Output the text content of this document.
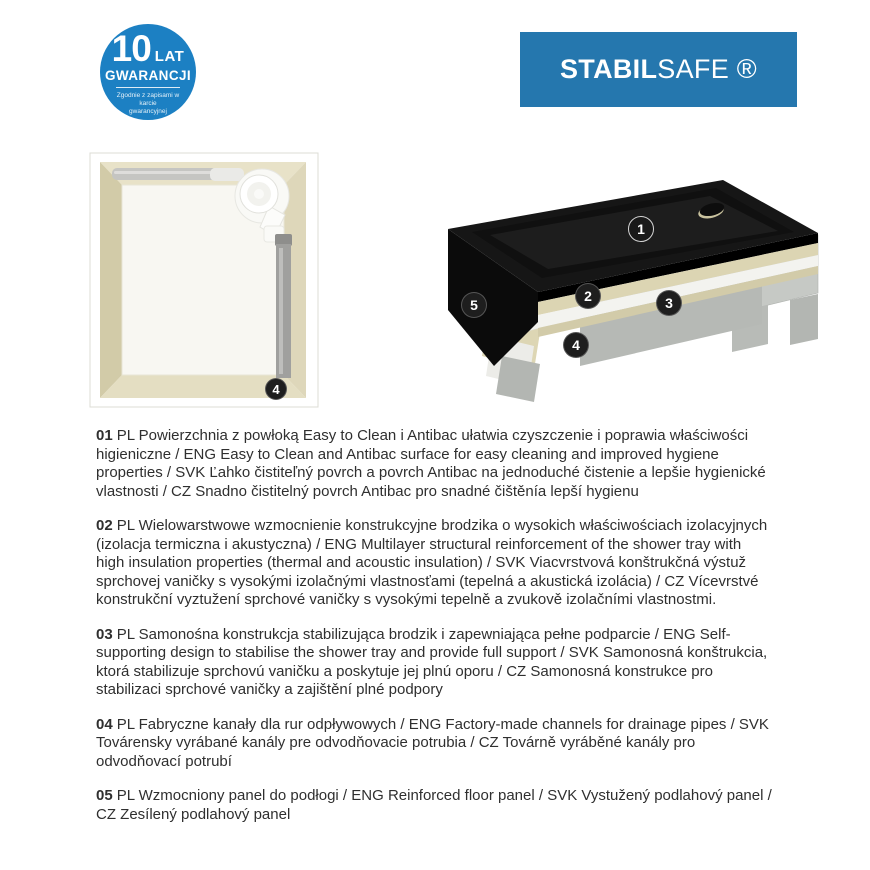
10 LAT
GWARANCJI
Zgodnie z zapisami w karcie
gwarancyjnej
STABILSAFE ®
1
2	3
4
5
4

01 PL Powierzchnia z powłoką Easy to Clean i Antibac ułatwia czyszczenie i poprawia właściwości higieniczne / ENG Easy to Clean and Antibac surface for easy cleaning and improved hygiene properties / SVK Ľahko čistiteľný povrch a povrch Antibac na jednoduché čistenie a lepšie hygienické vlastnosti / CZ Snadno čistitelný povrch Antibac pro snadné čištěnía lepší hygienu

02 PL Wielowarstwowe wzmocnienie konstrukcyjne brodzika o wysokich właściwościach izolacyjnych (izolacja termiczna i akustyczna) / ENG Multilayer structural reinforcement of the shower tray with high insulation properties (thermal and acoustic insulation) / SVK Viacvrstvová konštrukčná výstuž sprchovej vaničky s vysokými izolačnými vlastnosťami (tepelná a akustická izolácia) / CZ Vícevrstvé konstrukční vyztužení sprchové vaničky s vysokými tepelně a zvukově izolačními vlastnostmi.

03 PL Samonośna konstrukcja stabilizująca brodzik i zapewniająca pełne podparcie / ENG Self-supporting design to stabilise the shower tray and provide full support / SVK Samonosná konštrukcia, ktorá stabilizuje sprchovú vaničku a poskytuje jej plnú oporu / CZ Samonosná konstrukce pro stabilizaci sprchové vaničky a zajištění plné podpory

04 PL Fabryczne kanały dla rur odpływowych / ENG Factory-made channels for drainage pipes / SVK Továrensky vyrábané kanály pre odvodňovacie potrubia / CZ Továrně vyráběné kanály pro odvodňovací potrubí

05 PL Wzmocniony panel do podłogi / ENG Reinforced floor panel / SVK Vystužený podlahový panel / CZ Zesílený podlahový panel
